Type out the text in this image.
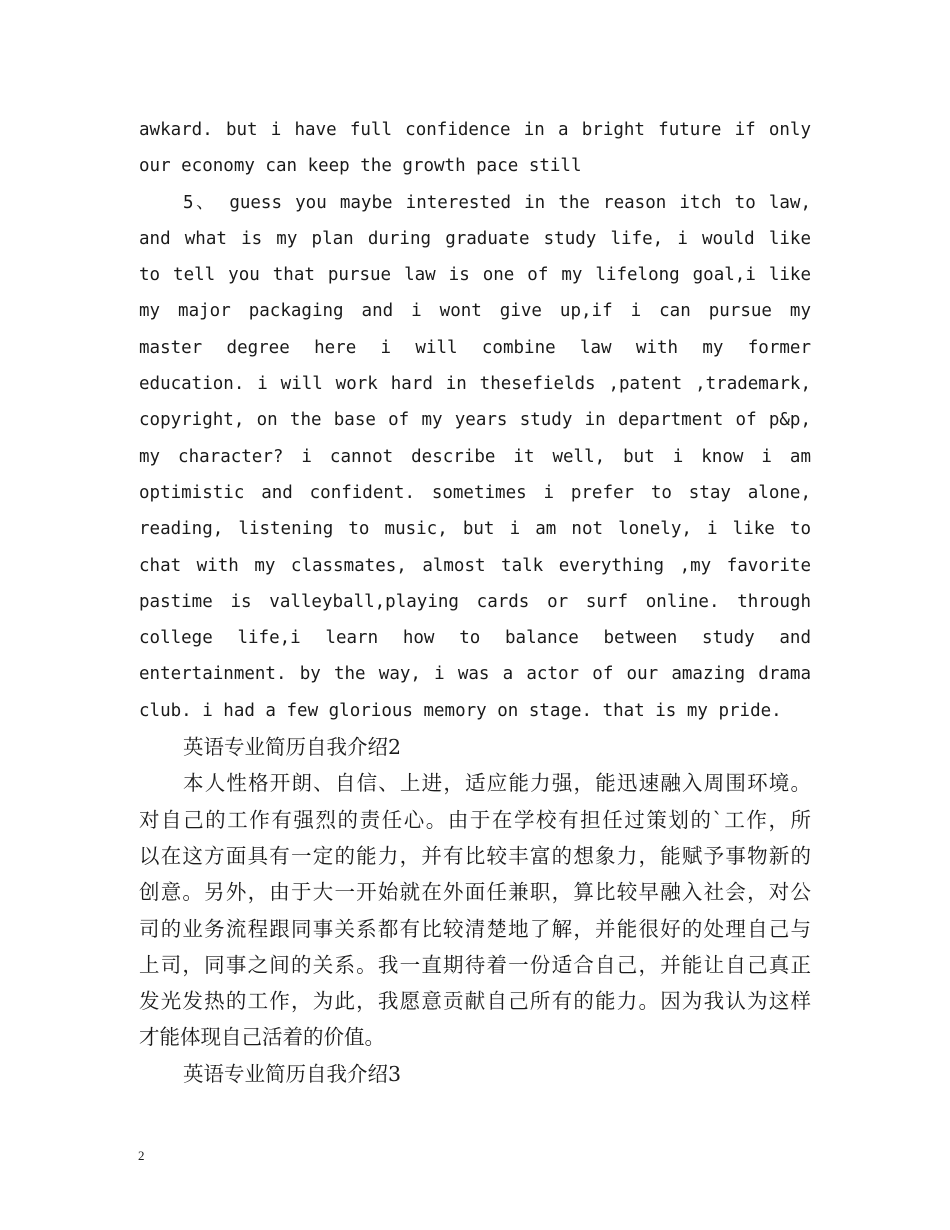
awkard. but i have full confidence in a bright future if only
our economy can keep the growth pace still
5、 guess you maybe interested in the reason itch to law,
and what is my plan during graduate study life, i would like
to tell you that pursue law is one of my lifelong goal,i like
my major packaging and i wont give up,if i can pursue my
master degree here i will combine law with my former
education. i will work hard in thesefields ,patent ,trademark,
copyright, on the base of my years study in department of p&p,
my character? i cannot describe it well, but i know i am
optimistic and confident. sometimes i prefer to stay alone,
reading, listening to music, but i am not lonely, i like to
chat with my classmates, almost talk everything ,my favorite
pastime is valleyball,playing cards or surf online. through
college life,i learn how to balance between study and
entertainment. by the way, i was a actor of our amazing drama
club. i had a few glorious memory on stage. that is my pride.
英语专业简历自我介绍2
本人性格开朗、自信、上进，适应能力强，能迅速融入周围环境。
对自己的工作有强烈的责任心。由于在学校有担任过策划的`工作，所
以在这方面具有一定的能力，并有比较丰富的想象力，能赋予事物新的
创意。另外，由于大一开始就在外面任兼职，算比较早融入社会，对公
司的业务流程跟同事关系都有比较清楚地了解，并能很好的处理自己与
上司，同事之间的关系。我一直期待着一份适合自己，并能让自己真正
发光发热的工作，为此，我愿意贡献自己所有的能力。因为我认为这样
才能体现自己活着的价值。
英语专业简历自我介绍3
2
